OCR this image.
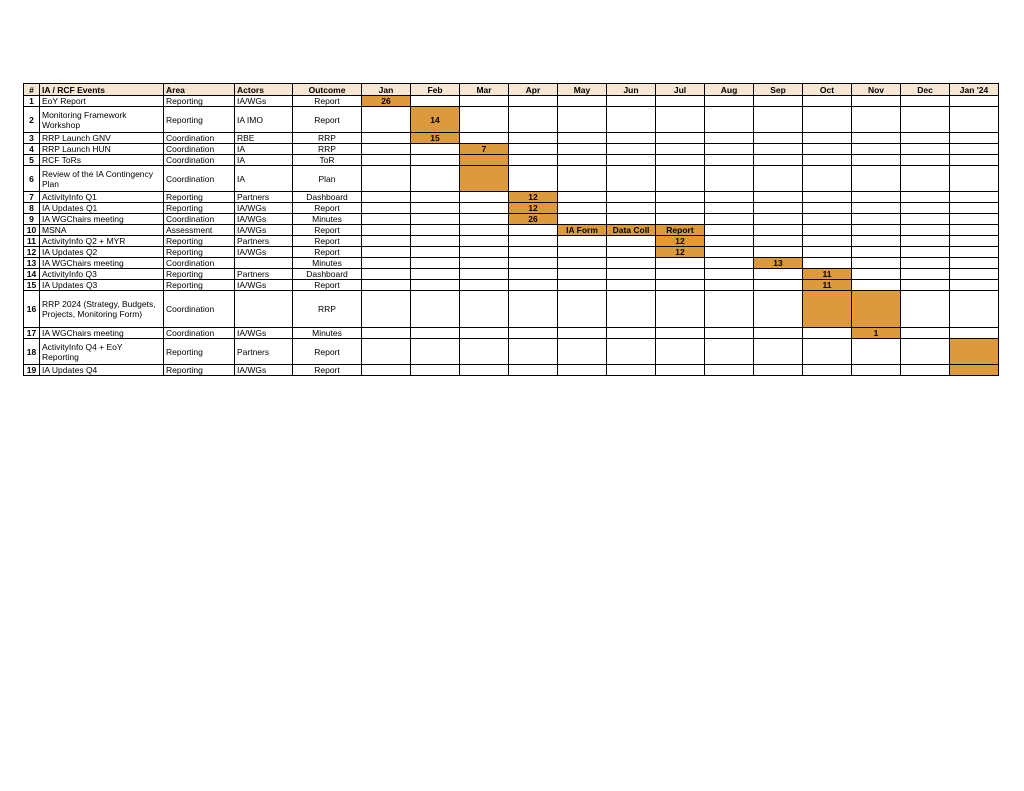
#	IA / RCF Events	Area	Actors	Outcome	Jan	Feb	Mar	Apr	May	Jun	Jul	Aug	Sep	Oct	Nov	Dec	Jan '24
1	EoY Report	Reporting	IA/WGs	Report	26												
2	Monitoring Framework Workshop	Reporting	IA IMO	Report		14											
3	RRP Launch GNV	Coordination	RBE	RRP		15											
4	RRP Launch HUN	Coordination	IA	RRP			7										
5	RCF ToRs	Coordination	IA	ToR													
6	Review of the IA Contingency Plan	Coordination	IA	Plan													
7	ActivityInfo Q1	Reporting	Partners	Dashboard				12									
8	IA Updates Q1	Reporting	IA/WGs	Report				12									
9	IA WGChairs meeting	Coordination	IA/WGs	Minutes				26									
10	MSNA	Assessment	IA/WGs	Report					IA Form	Data Coll	Report						
11	ActivityInfo Q2 + MYR	Reporting	Partners	Report							12						
12	IA Updates Q2	Reporting	IA/WGs	Report							12						
13	IA WGChairs meeting	Coordination		Minutes									13				
14	ActivityInfo Q3	Reporting	Partners	Dashboard										11			
15	IA Updates Q3	Reporting	IA/WGs	Report										11			
16	RRP 2024 (Strategy, Budgets, Projects, Monitoring Form)	Coordination		RRP													
17	IA WGChairs meeting	Coordination	IA/WGs	Minutes											1		
18	ActivityInfo Q4 + EoY Reporting	Reporting	Partners	Report													
19	IA Updates Q4	Reporting	IA/WGs	Report													
